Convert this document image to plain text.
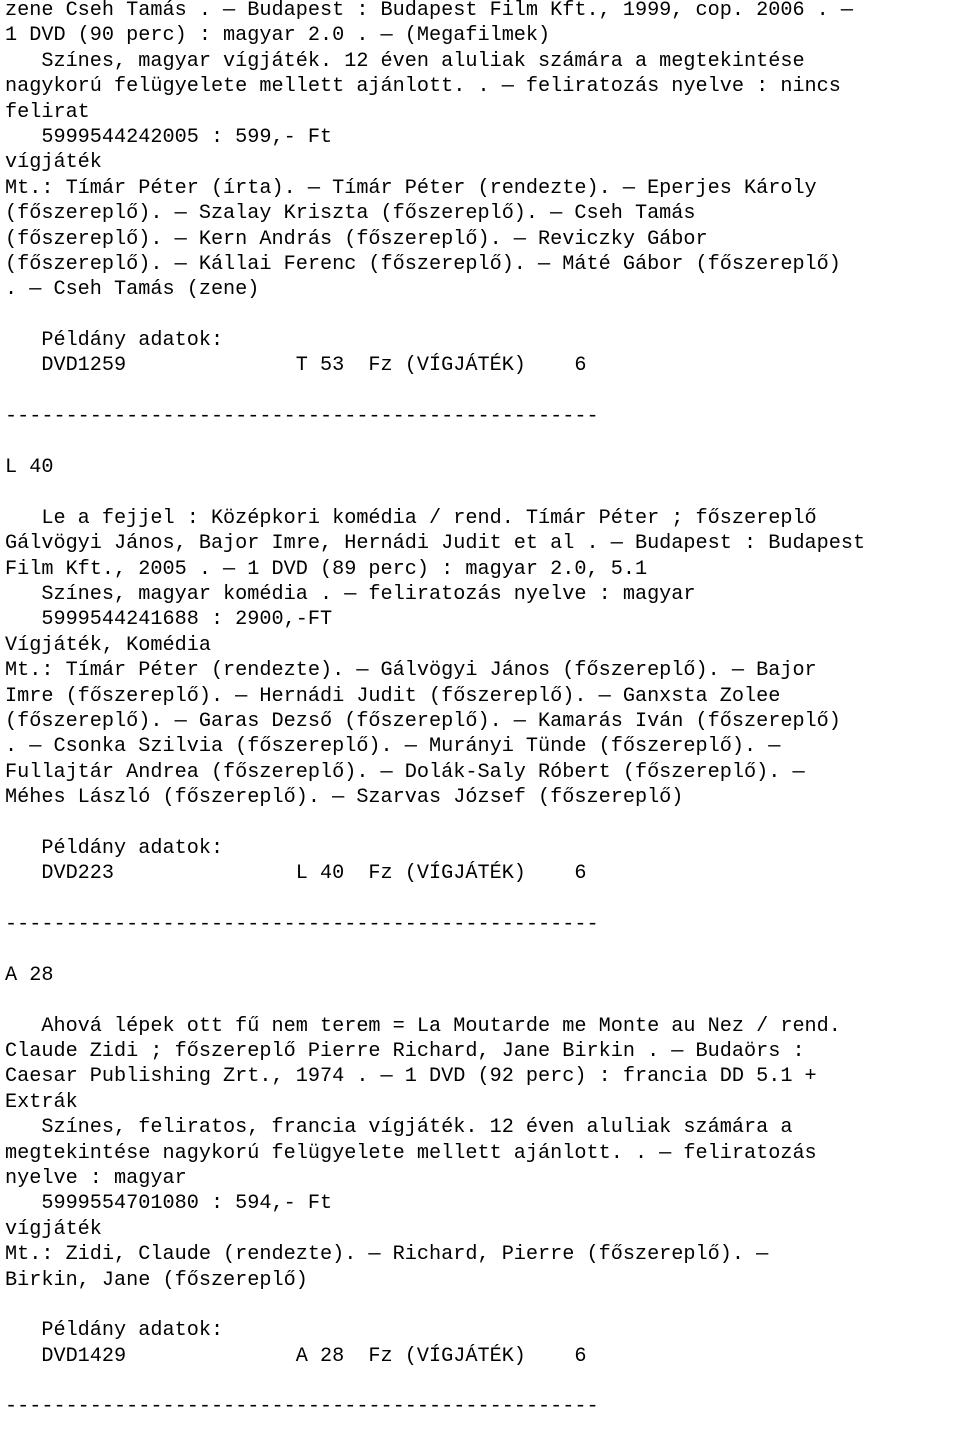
zene Cseh Tamás . ― Budapest : Budapest Film Kft., 1999, cop. 2006 . ―
1 DVD (90 perc) : magyar 2.0 . ― (Megafilmek)
Színes, magyar vígjáték. 12 éven aluliak számára a megtekintése
nagykorú felügyelete mellett ajánlott. . ― feliratozás nyelve : nincs
felirat
5999544242005 : 599,- Ft
vígjáték
Mt.: Tímár Péter (írta). ― Tímár Péter (rendezte). ― Eperjes Károly
(főszereplő). ― Szalay Kriszta (főszereplő). ― Cseh Tamás
(főszereplő). ― Kern András (főszereplő). ― Reviczky Gábor
(főszereplő). ― Kállai Ferenc (főszereplő). ― Máté Gábor (főszereplő)
. ― Cseh Tamás (zene)
Példány adatok:
DVD1259              T 53  Fz (VÍGJÁTÉK)    6
-------------------------------------------------
L 40
Le a fejjel : Középkori komédia / rend. Tímár Péter ; főszereplő
Gálvögyi János, Bajor Imre, Hernádi Judit et al . ― Budapest : Budapest
Film Kft., 2005 . ― 1 DVD (89 perc) : magyar 2.0, 5.1
Színes, magyar komédia . ― feliratozás nyelve : magyar
5999544241688 : 2900,-FT
Vígjáték, Komédia
Mt.: Tímár Péter (rendezte). ― Gálvögyi János (főszereplő). ― Bajor
Imre (főszereplő). ― Hernádi Judit (főszereplő). ― Ganxsta Zolee
(főszereplő). ― Garas Dezső (főszereplő). ― Kamarás Iván (főszereplő)
. ― Csonka Szilvia (főszereplő). ― Murányi Tünde (főszereplő). ―
Fullajtár Andrea (főszereplő). ― Dolák-Saly Róbert (főszereplő). ―
Méhes László (főszereplő). ― Szarvas József (főszereplő)
Példány adatok:
DVD223               L 40  Fz (VÍGJÁTÉK)    6
-------------------------------------------------
A 28
Ahová lépek ott fű nem terem = La Moutarde me Monte au Nez / rend.
Claude Zidi ; főszereplő Pierre Richard, Jane Birkin . ― Budaörs :
Caesar Publishing Zrt., 1974 . ― 1 DVD (92 perc) : francia DD 5.1 +
Extrák
Színes, feliratos, francia vígjáték. 12 éven aluliak számára a
megtekintése nagykorú felügyelete mellett ajánlott. . ― feliratozás
nyelve : magyar
5999554701080 : 594,- Ft
vígjáték
Mt.: Zidi, Claude (rendezte). ― Richard, Pierre (főszereplő). ―
Birkin, Jane (főszereplő)
Példány adatok:
DVD1429              A 28  Fz (VÍGJÁTÉK)    6
-------------------------------------------------
